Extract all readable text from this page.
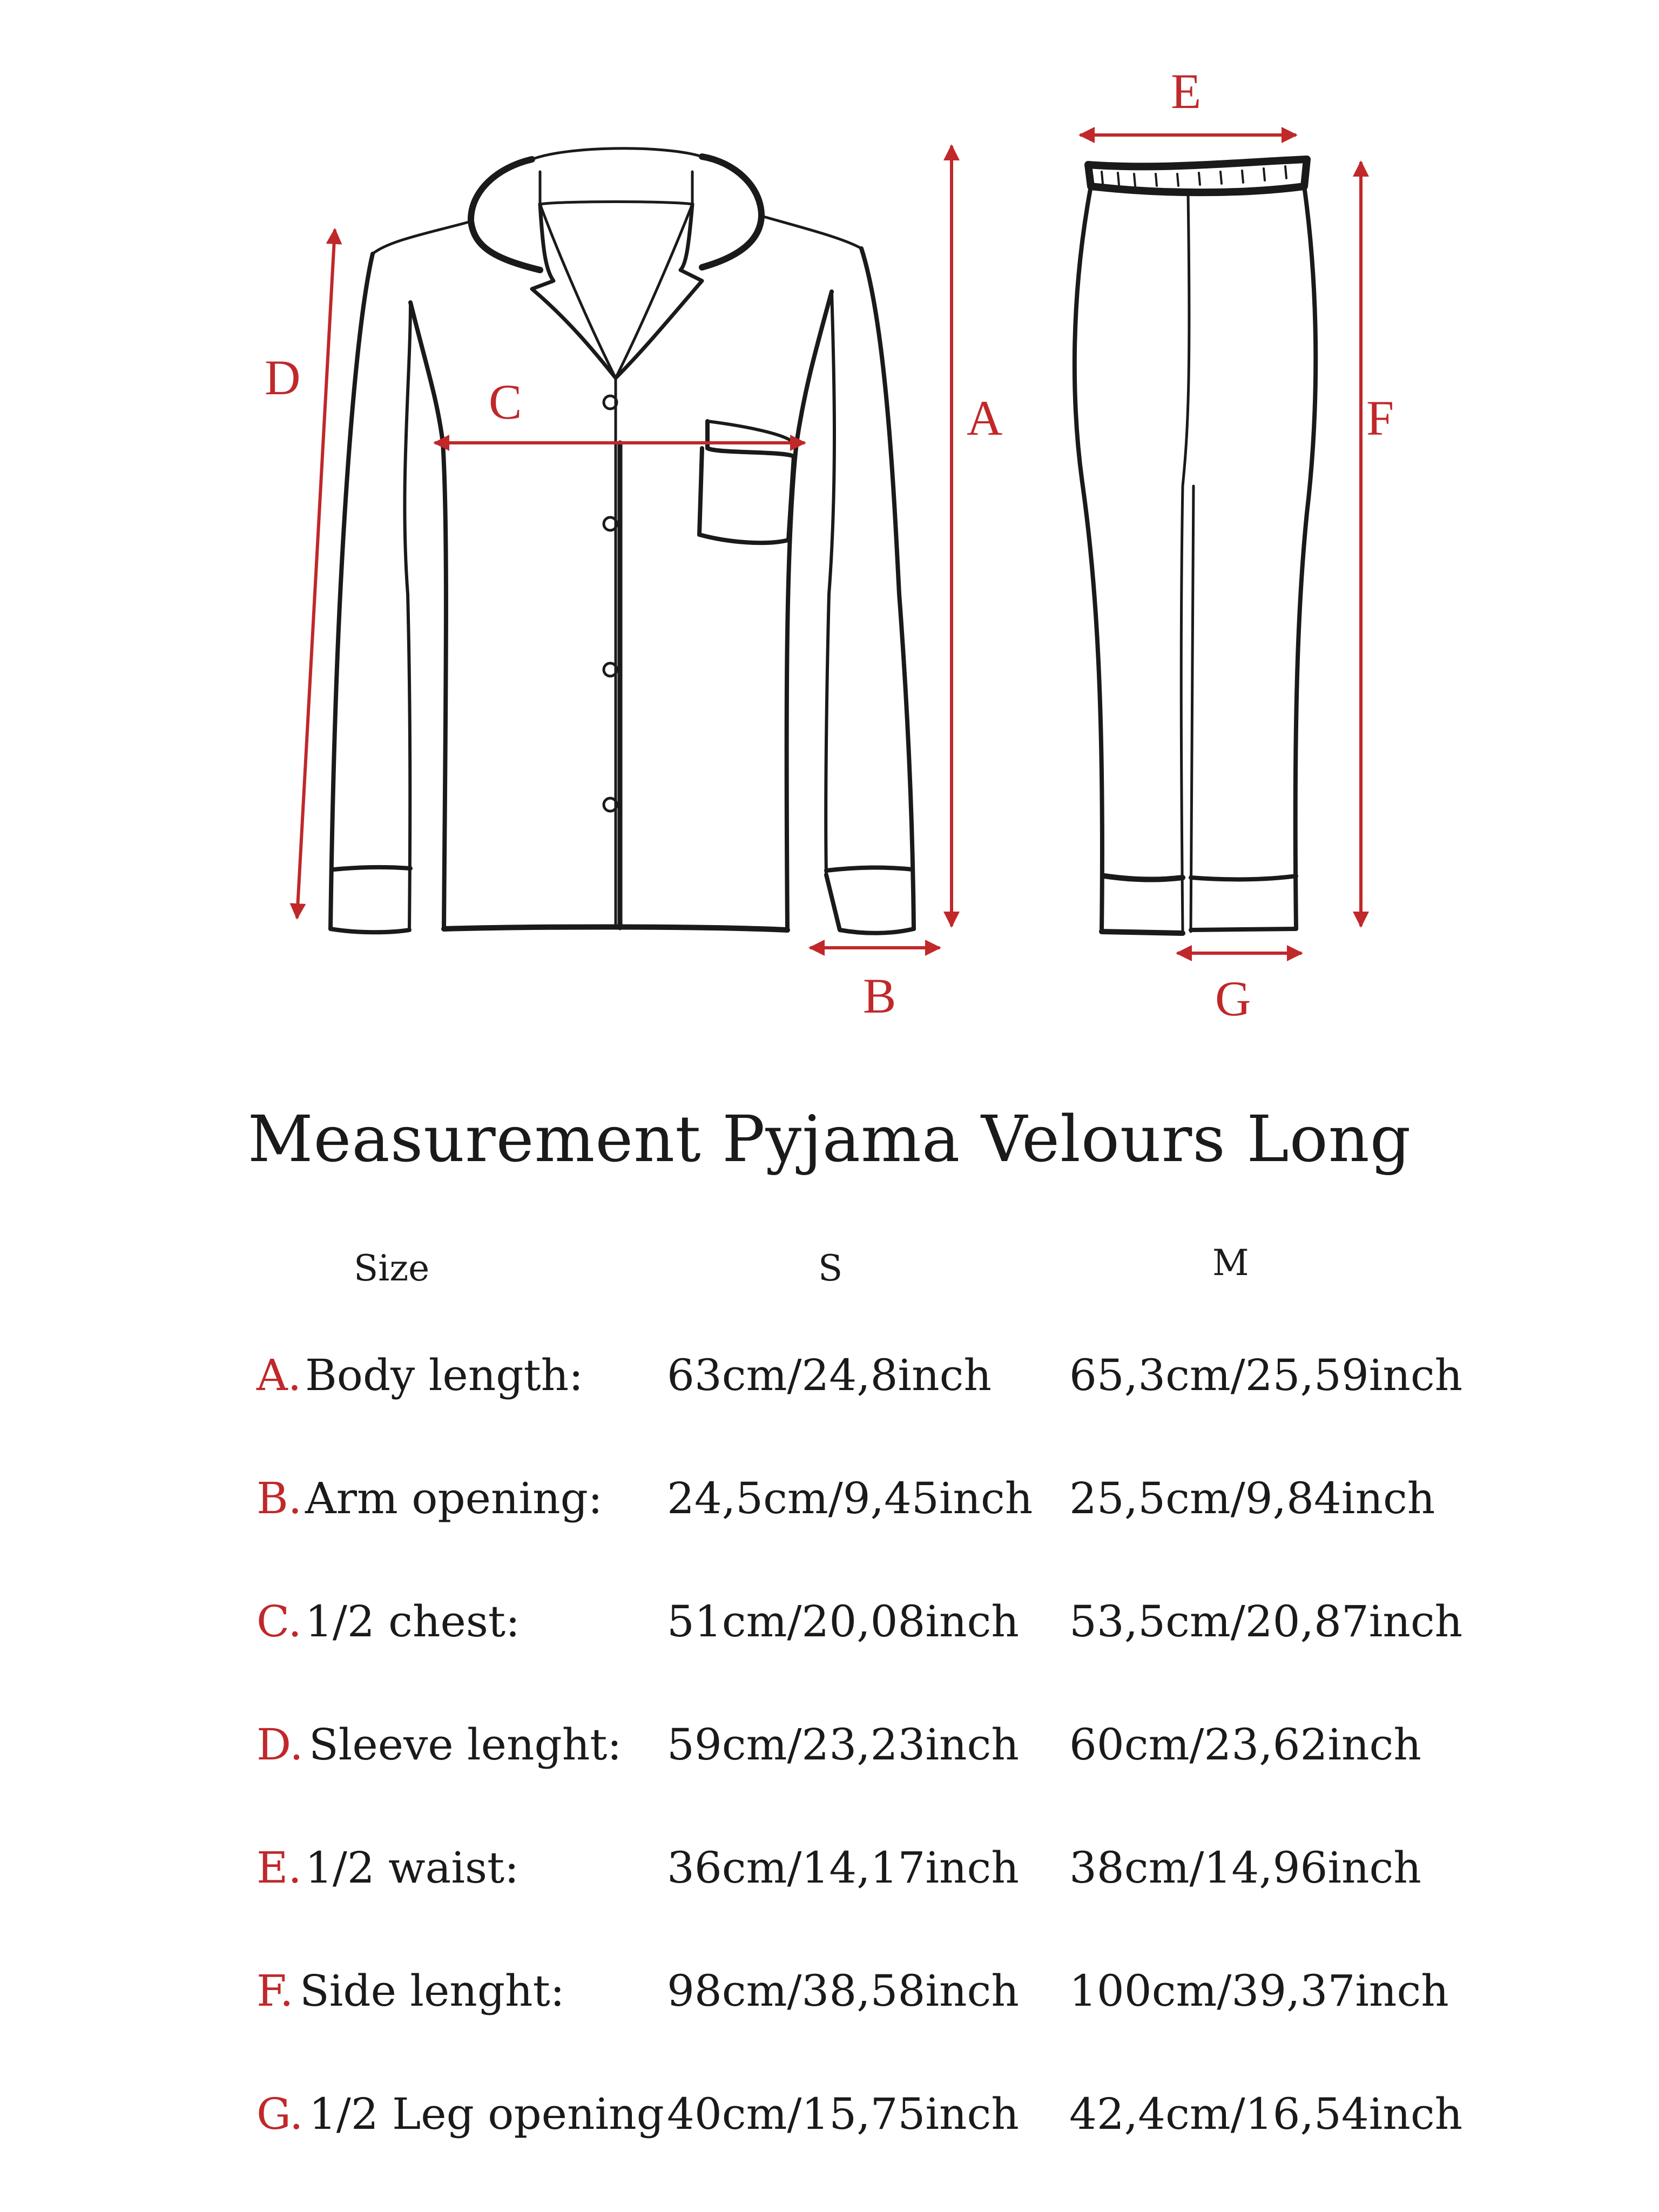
A
B
C
D
E
F
G
Measurement Pyjama Velours Long
Size	S	M
A. Body length: 63cm/24,8inch 65,3cm/25,59inch
B. Arm opening: 24,5cm/9,45inch 25,5cm/9,84inch
C. 1/2 chest:	51cm/20,08inch 53,5cm/20,87inch
D. Sleeve lenght: 59cm/23,23inch 60cm/23,62inch
E. 1/2 waist:	36cm/14,17inch 38cm/14,96inch
F. Side lenght: 98cm/38,58inch 100cm/39,37inch
G. 1/2 Leg opening 40cm/15,75inch 42,4cm/16,54inch
